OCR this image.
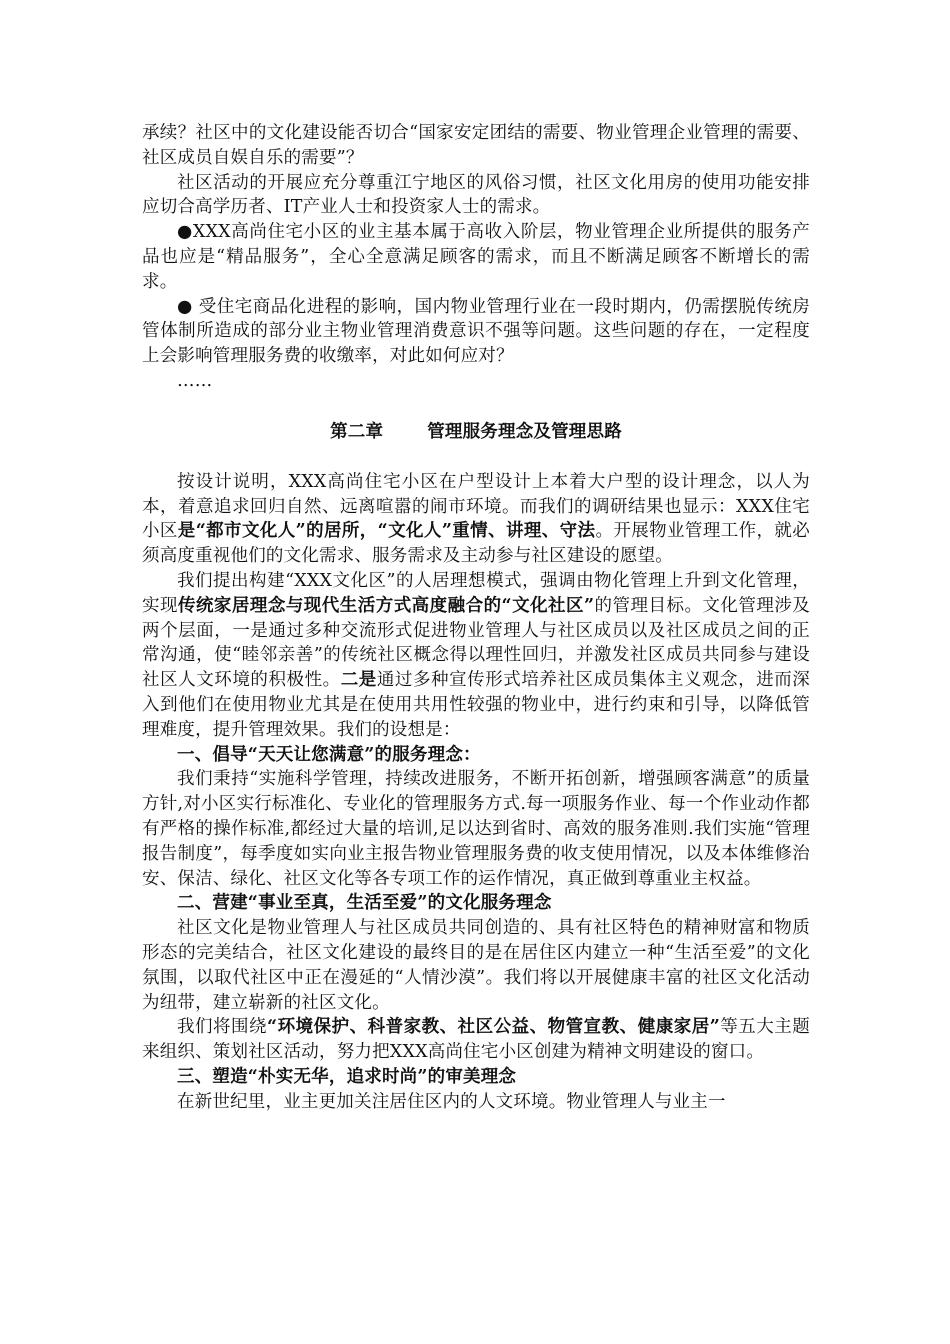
承续？社区中的文化建设能否切合“国家安定团结的需要、物业管理企业管理的需要、社区成员自娱自乐的需要”？

社区活动的开展应充分尊重江宁地区的风俗习惯，社区文化用房的使用功能安排应切合高学历者、IT产业人士和投资家人士的需求。

●XXX高尚住宅小区的业主基本属于高收入阶层，物业管理企业所提供的服务产品也应是“精品服务”，全心全意满足顾客的需求，而且不断满足顾客不断增长的需求。

● 受住宅商品化进程的影响，国内物业管理行业在一段时期内，仍需摆脱传统房管体制所造成的部分业主物业管理消费意识不强等问题。这些问题的存在，一定程度上会影响管理服务费的收缴率，对此如何应对？

……

第二章	管理服务理念及管理思路

按设计说明，XXX高尚住宅小区在户型设计上本着大户型的设计理念，以人为本，着意追求回归自然、远离喧嚣的闹市环境。而我们的调研结果也显示：XXX住宅小区是“都市文化人”的居所，“文化人”重情、讲理、守法。开展物业管理工作，就必须高度重视他们的文化需求、服务需求及主动参与社区建设的愿望。

我们提出构建“XXX文化区”的人居理想模式，强调由物化管理上升到文化管理，实现传统家居理念与现代生活方式高度融合的“文化社区”的管理目标。文化管理涉及两个层面，一是通过多种交流形式促进物业管理人与社区成员以及社区成员之间的正常沟通，使“睦邻亲善”的传统社区概念得以理性回归，并激发社区成员共同参与建设社区人文环境的积极性。二是通过多种宣传形式培养社区成员集体主义观念，进而深入到他们在使用物业尤其是在使用共用性较强的物业中，进行约束和引导，以降低管理难度，提升管理效果。我们的设想是：

一、倡导“天天让您满意”的服务理念：

我们秉持“实施科学管理，持续改进服务，不断开拓创新，增强顾客满意”的质量方针,对小区实行标准化、专业化的管理服务方式.每一项服务作业、每一个作业动作都有严格的操作标准,都经过大量的培训,足以达到省时、高效的服务准则.我们实施“管理报告制度”，每季度如实向业主报告物业管理服务费的收支使用情况，以及本体维修治安、保洁、绿化、社区文化等各专项工作的运作情况，真正做到尊重业主权益。

二、营建“事业至真，生活至爱”的文化服务理念

社区文化是物业管理人与社区成员共同创造的、具有社区特色的精神财富和物质形态的完美结合，社区文化建设的最终目的是在居住区内建立一种“生活至爱”的文化氛围，以取代社区中正在漫延的“人情沙漠”。我们将以开展健康丰富的社区文化活动为纽带，建立崭新的社区文化。

我们将围绕“环境保护、科普家教、社区公益、物管宣教、健康家居”等五大主题来组织、策划社区活动，努力把XXX高尚住宅小区创建为精神文明建设的窗口。

三、塑造“朴实无华，追求时尚”的审美理念

在新世纪里，业主更加关注居住区内的人文环境。物业管理人与业主一
